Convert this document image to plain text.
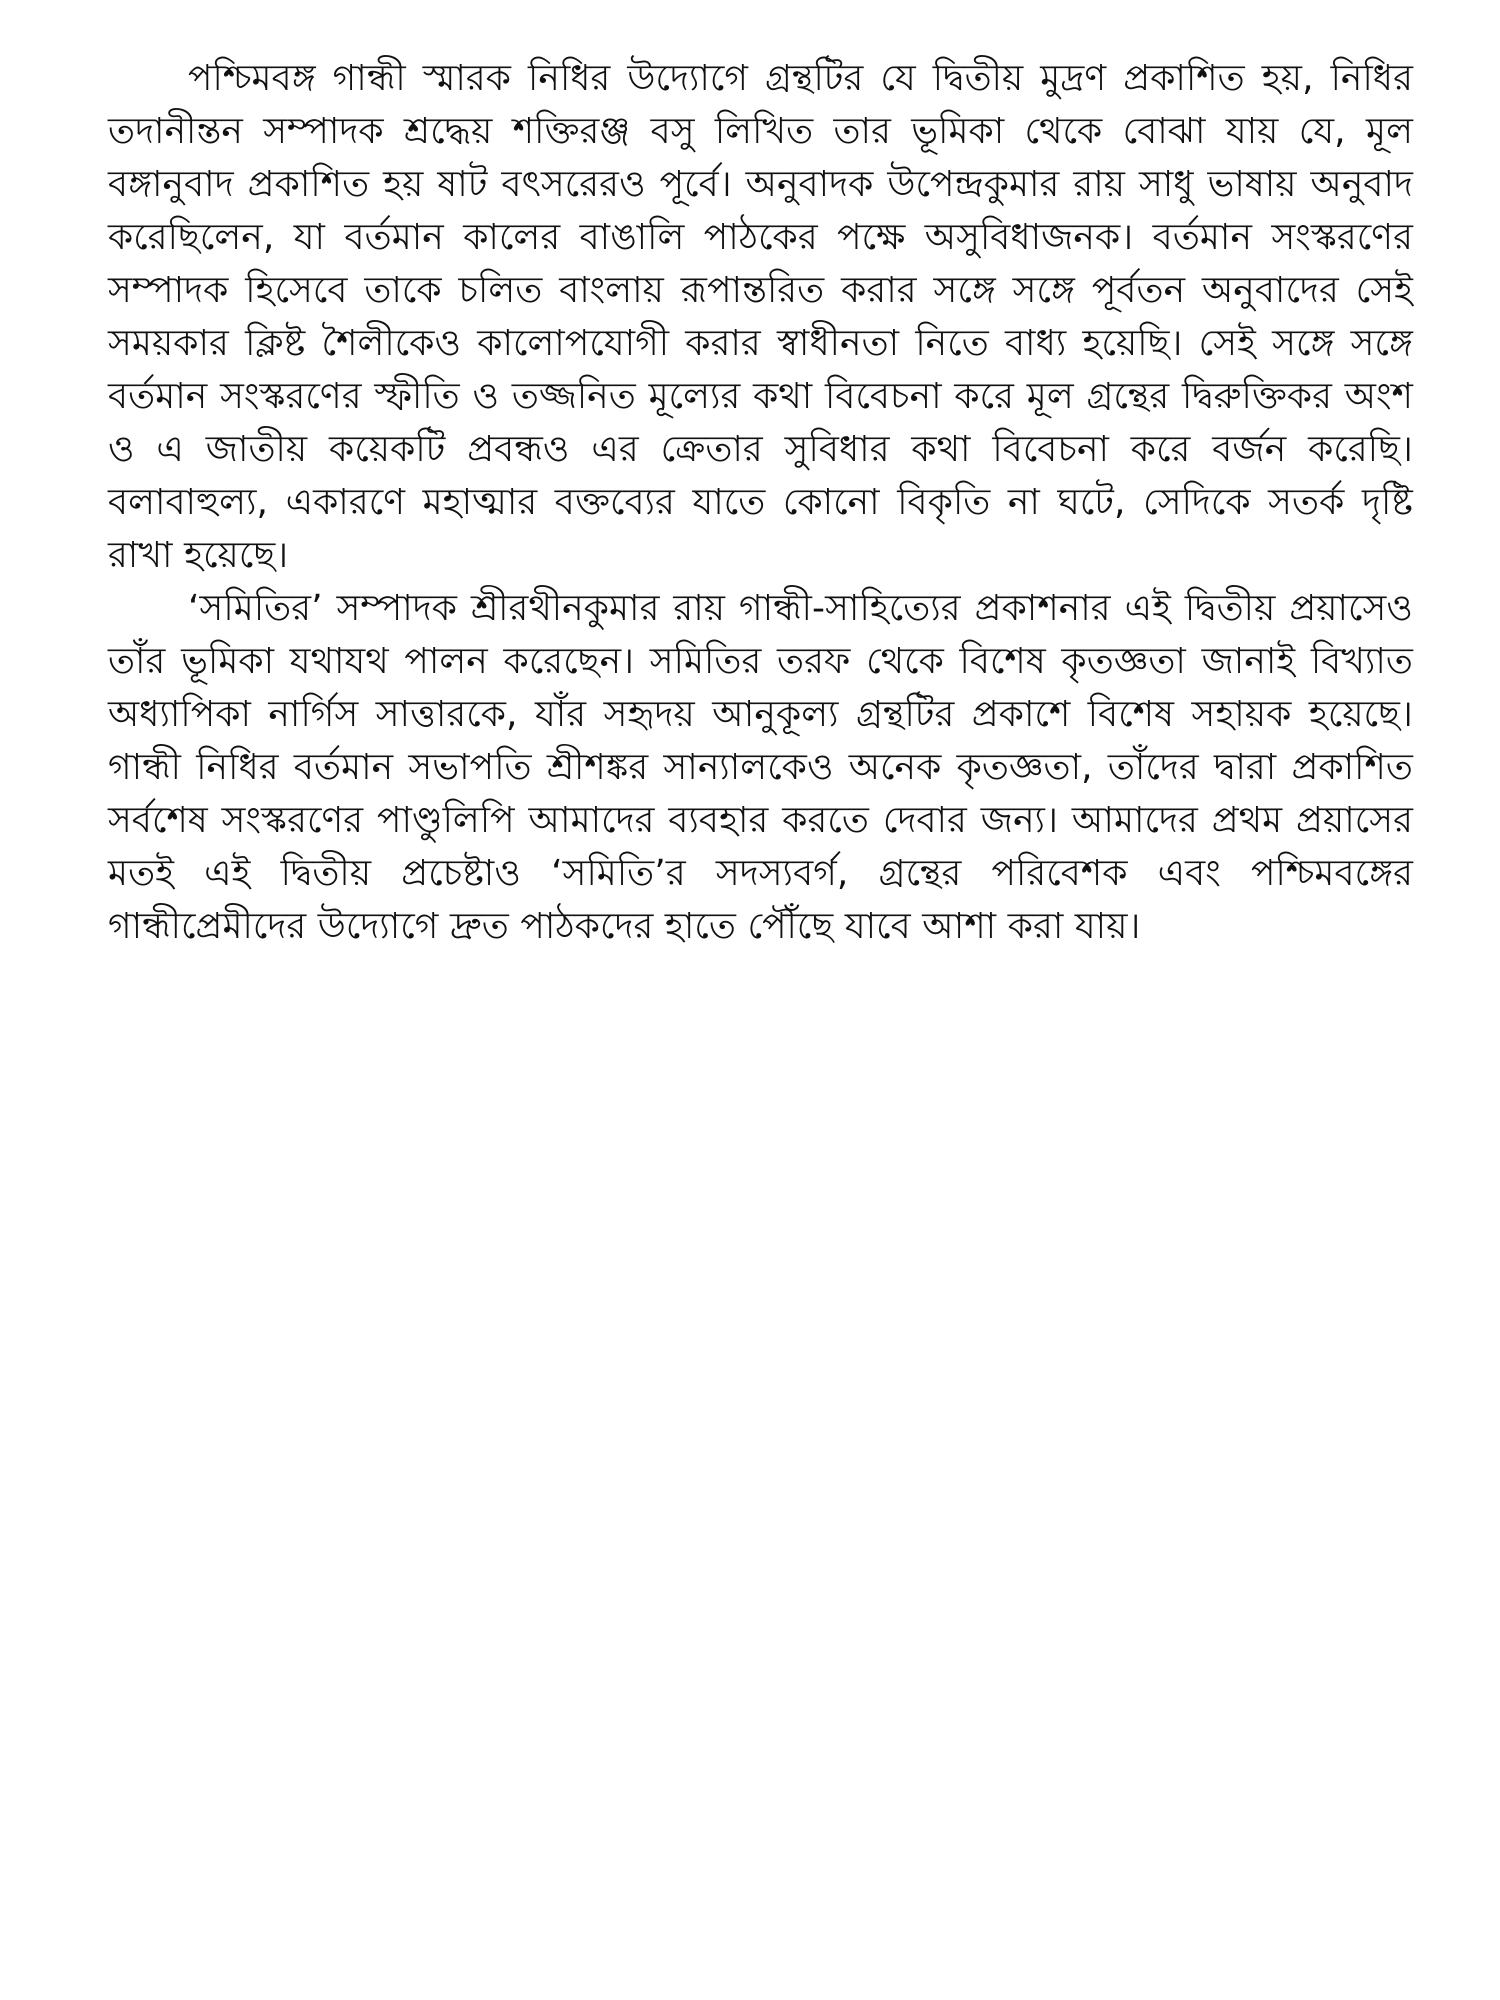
পশ্চিমবঙ্গ গান্ধী স্মারক নিধির উদ্যোগে গ্রন্থটির যে দ্বিতীয় মুদ্রণ প্রকাশিত হয়, নিধির তদানীন্তন সম্পাদক শ্রদ্ধেয় শক্তিরঞ্জ বসু লিখিত তার ভূমিকা থেকে বোঝা যায় যে, মূল বঙ্গানুবাদ প্রকাশিত হয় ষাট বৎসরেরও পূর্বে। অনুবাদক উপেন্দ্রকুমার রায় সাধু ভাষায় অনুবাদ করেছিলেন, যা বর্তমান কালের বাঙালি পাঠকের পক্ষে অসুবিধাজনক। বর্তমান সংস্করণের সম্পাদক হিসেবে তাকে চলিত বাংলায় রূপান্তরিত করার সঙ্গে সঙ্গে পূর্বতন অনুবাদের সেই সময়কার ক্লিষ্ট শৈলীকেও কালোপযোগী করার স্বাধীনতা নিতে বাধ্য হয়েছি। সেই সঙ্গে সঙ্গে বর্তমান সংস্করণের স্ফীতি ও তজ্জনিত মূল্যের কথা বিবেচনা করে মূল গ্রন্থের দ্বিরুক্তিকর অংশ ও এ জাতীয় কয়েকটি প্রবন্ধও এর ক্রেতার সুবিধার কথা বিবেচনা করে বর্জন করেছি। বলাবাহুল্য, একারণে মহাত্মার বক্তব্যের যাতে কোনো বিকৃতি না ঘটে, সেদিকে সতর্ক দৃষ্টি রাখা হয়েছে।

‘সমিতির’ সম্পাদক শ্রীরথীনকুমার রায় গান্ধী-সাহিত্যের প্রকাশনার এই দ্বিতীয় প্রয়াসেও তাঁর ভূমিকা যথাযথ পালন করেছেন। সমিতির তরফ থেকে বিশেষ কৃতজ্ঞতা জানাই বিখ্যাত অধ্যাপিকা নার্গিস সাত্তারকে, যাঁর সহৃদয় আনুকূল্য গ্রন্থটির প্রকাশে বিশেষ সহায়ক হয়েছে। গান্ধী নিধির বর্তমান সভাপতি শ্রীশঙ্কর সান্যালকেও অনেক কৃতজ্ঞতা, তাঁদের দ্বারা প্রকাশিত সর্বশেষ সংস্করণের পাণ্ডুলিপি আমাদের ব্যবহার করতে দেবার জন্য। আমাদের প্রথম প্রয়াসের মতই এই দ্বিতীয় প্রচেষ্টাও ‘সমিতি’র সদস্যবর্গ, গ্রন্থের পরিবেশক এবং পশ্চিমবঙ্গের গান্ধীপ্রেমীদের উদ্যোগে দ্রুত পাঠকদের হাতে পৌঁছে যাবে আশা করা যায়।
